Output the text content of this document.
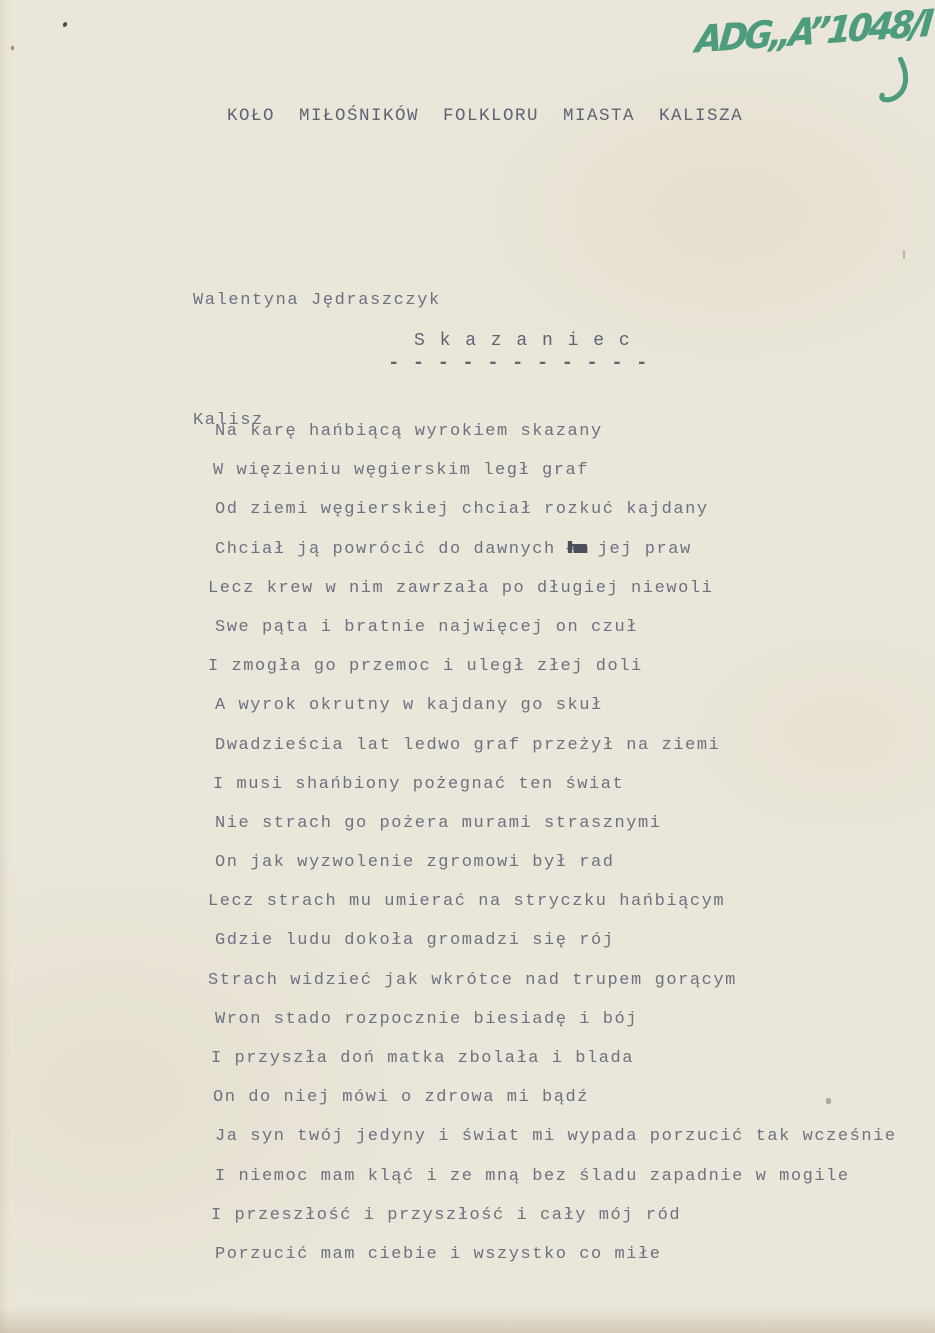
ADG„A”1048/I
KOŁO MIŁOŚNIKÓW FOLKLORU MIASTA KALISZA

Walentyna Jędraszczyk

Kalisz

S k a z a n i e c
- - - - - - - - - - -
Na karę hańbiącą wyrokiem skazany
W więzieniu węgierskim legł graf
Od ziemi węgierskiej chciał rozkuć kajdany
Chciał ją powrócić do dawnych hm jej praw
Lecz krew w nim zawrzała po długiej niewoli
Swe pąta i bratnie najwięcej on czuł
I zmogła go przemoc i uległ złej doli
A wyrok okrutny w kajdany go skuł
Dwadzieścia lat ledwo graf przeżył na ziemi
I musi shańbiony pożegnać ten świat
Nie strach go pożera murami strasznymi
On jak wyzwolenie zgromowi był rad
Lecz strach mu umierać na stryczku hańbiącym
Gdzie ludu dokoła gromadzi się rój
Strach widzieć jak wkrótce nad trupem gorącym
Wron stado rozpocznie biesiadę i bój
I przyszła doń matka zbolała i blada
On do niej mówi o zdrowa mi bądź
Ja syn twój jedyny i świat mi wypada porzucić tak wcześnie
I niemoc mam kląć i ze mną bez śladu zapadnie w mogile
I przeszłość i przyszłość i cały mój ród
Porzucić mam ciebie i wszystko co miłe
